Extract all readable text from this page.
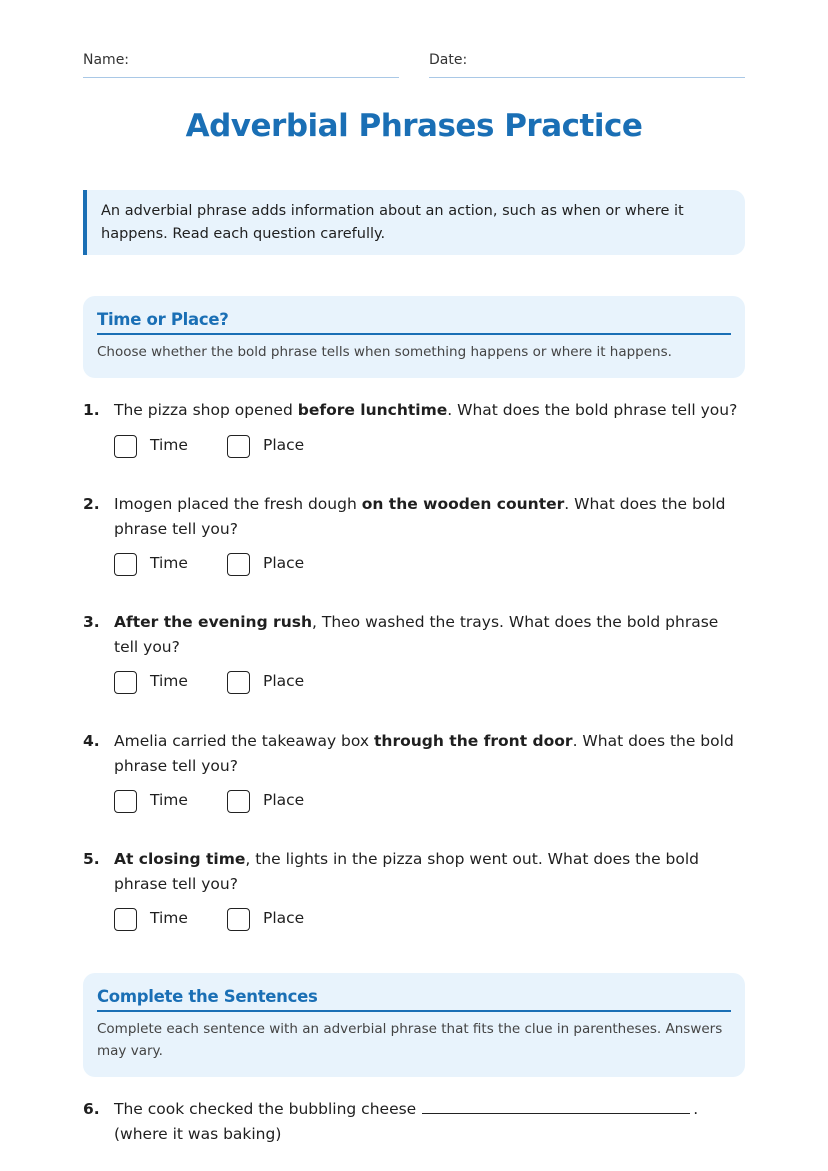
Name:	Date:
Adverbial Phrases Practice
An adverbial phrase adds information about an action, such as when or where it happens. Read each question carefully.
Time or Place?
Choose whether the bold phrase tells when something happens or where it happens.
1. The pizza shop opened before lunchtime. What does the bold phrase tell you?
Time	Place
2. Imogen placed the fresh dough on the wooden counter. What does the bold phrase tell you?
Time	Place
3. After the evening rush, Theo washed the trays. What does the bold phrase tell you?
Time	Place
4. Amelia carried the takeaway box through the front door. What does the bold phrase tell you?
Time	Place
5. At closing time, the lights in the pizza shop went out. What does the bold phrase tell you?
Time	Place
Complete the Sentences
Complete each sentence with an adverbial phrase that fits the clue in parentheses. Answers may vary.
6. The cook checked the bubbling cheese	.
(where it was baking)
